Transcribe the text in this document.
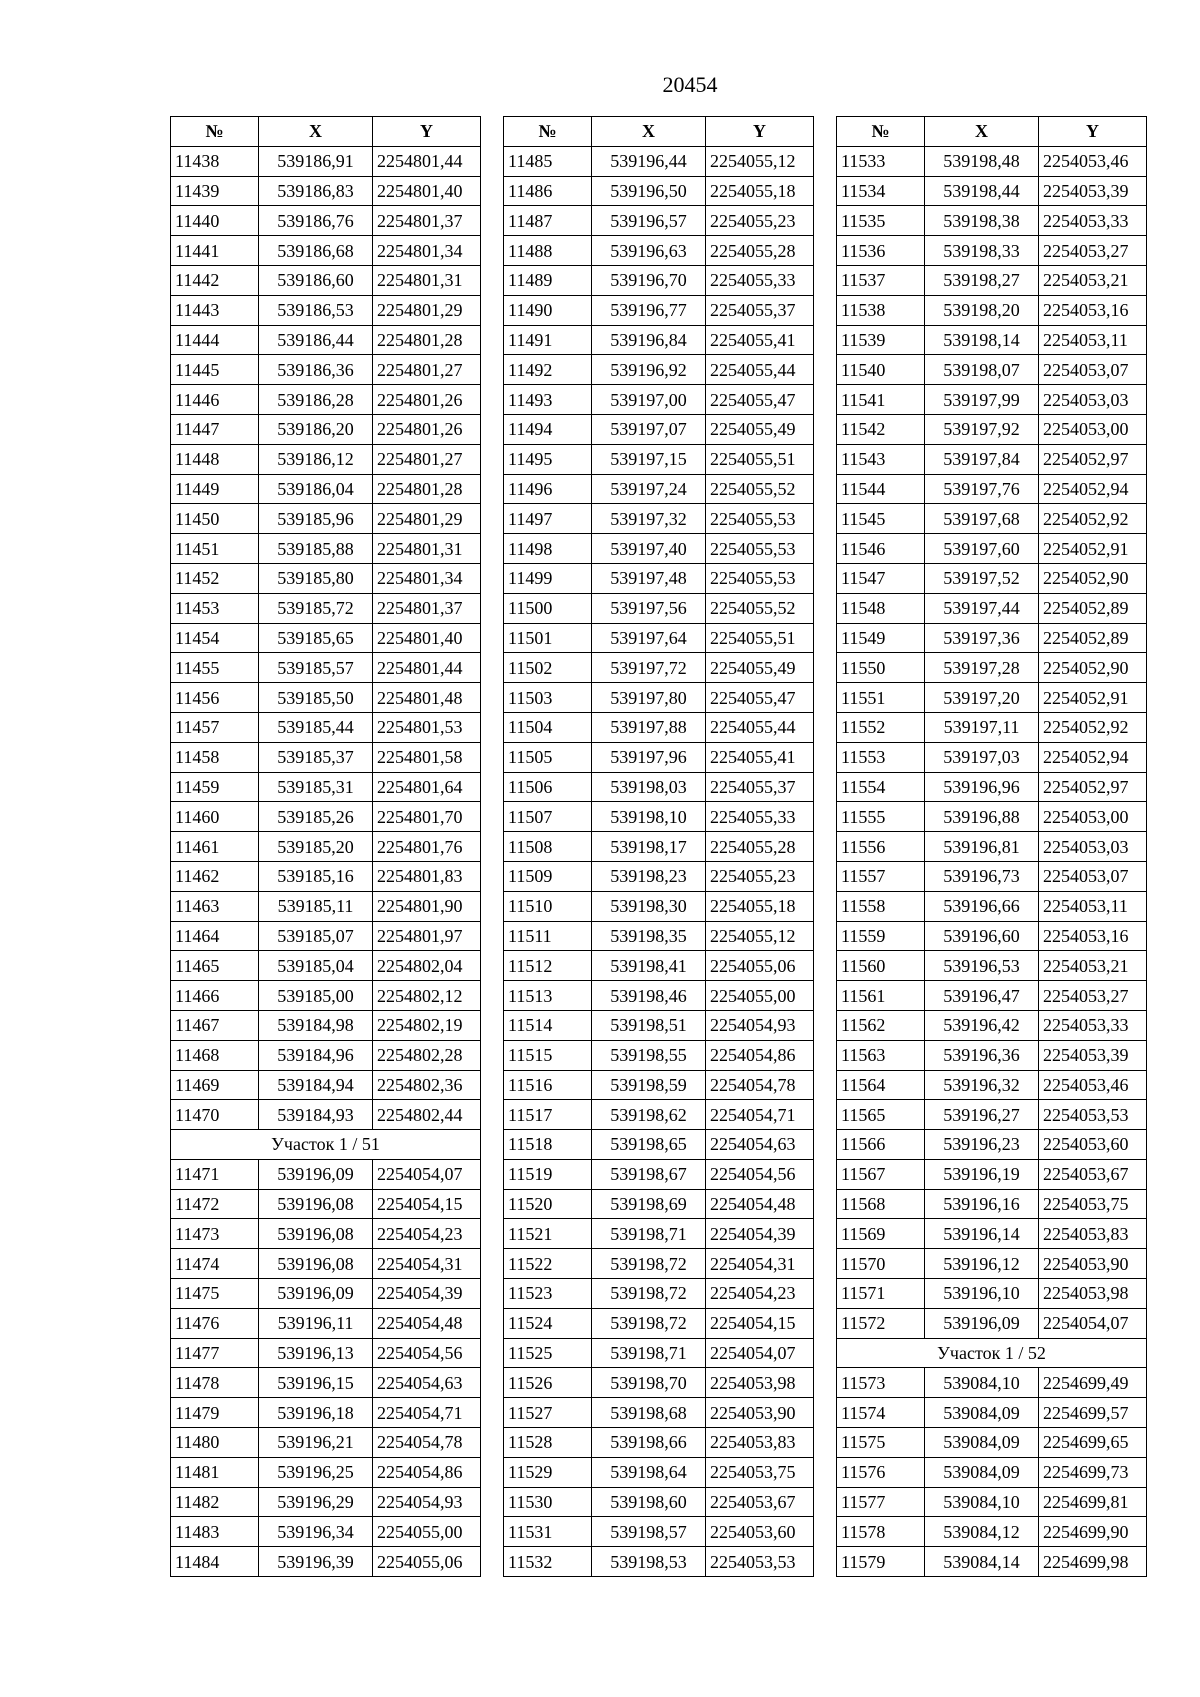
20454
№	X	Y
11438	539186,91	2254801,44
11439	539186,83	2254801,40
11440	539186,76	2254801,37
11441	539186,68	2254801,34
11442	539186,60	2254801,31
11443	539186,53	2254801,29
11444	539186,44	2254801,28
11445	539186,36	2254801,27
11446	539186,28	2254801,26
11447	539186,20	2254801,26
11448	539186,12	2254801,27
11449	539186,04	2254801,28
11450	539185,96	2254801,29
11451	539185,88	2254801,31
11452	539185,80	2254801,34
11453	539185,72	2254801,37
11454	539185,65	2254801,40
11455	539185,57	2254801,44
11456	539185,50	2254801,48
11457	539185,44	2254801,53
11458	539185,37	2254801,58
11459	539185,31	2254801,64
11460	539185,26	2254801,70
11461	539185,20	2254801,76
11462	539185,16	2254801,83
11463	539185,11	2254801,90
11464	539185,07	2254801,97
11465	539185,04	2254802,04
11466	539185,00	2254802,12
11467	539184,98	2254802,19
11468	539184,96	2254802,28
11469	539184,94	2254802,36
11470	539184,93	2254802,44
Участок 1 / 51		
11471	539196,09	2254054,07
11472	539196,08	2254054,15
11473	539196,08	2254054,23
11474	539196,08	2254054,31
11475	539196,09	2254054,39
11476	539196,11	2254054,48
11477	539196,13	2254054,56
11478	539196,15	2254054,63
11479	539196,18	2254054,71
11480	539196,21	2254054,78
11481	539196,25	2254054,86
11482	539196,29	2254054,93
11483	539196,34	2254055,00
11484	539196,39	2254055,06
№	X	Y
11485	539196,44	2254055,12
11486	539196,50	2254055,18
11487	539196,57	2254055,23
11488	539196,63	2254055,28
11489	539196,70	2254055,33
11490	539196,77	2254055,37
11491	539196,84	2254055,41
11492	539196,92	2254055,44
11493	539197,00	2254055,47
11494	539197,07	2254055,49
11495	539197,15	2254055,51
11496	539197,24	2254055,52
11497	539197,32	2254055,53
11498	539197,40	2254055,53
11499	539197,48	2254055,53
11500	539197,56	2254055,52
11501	539197,64	2254055,51
11502	539197,72	2254055,49
11503	539197,80	2254055,47
11504	539197,88	2254055,44
11505	539197,96	2254055,41
11506	539198,03	2254055,37
11507	539198,10	2254055,33
11508	539198,17	2254055,28
11509	539198,23	2254055,23
11510	539198,30	2254055,18
11511	539198,35	2254055,12
11512	539198,41	2254055,06
11513	539198,46	2254055,00
11514	539198,51	2254054,93
11515	539198,55	2254054,86
11516	539198,59	2254054,78
11517	539198,62	2254054,71
11518	539198,65	2254054,63
11519	539198,67	2254054,56
11520	539198,69	2254054,48
11521	539198,71	2254054,39
11522	539198,72	2254054,31
11523	539198,72	2254054,23
11524	539198,72	2254054,15
11525	539198,71	2254054,07
11526	539198,70	2254053,98
11527	539198,68	2254053,90
11528	539198,66	2254053,83
11529	539198,64	2254053,75
11530	539198,60	2254053,67
11531	539198,57	2254053,60
11532	539198,53	2254053,53
№	X	Y
11533	539198,48	2254053,46
11534	539198,44	2254053,39
11535	539198,38	2254053,33
11536	539198,33	2254053,27
11537	539198,27	2254053,21
11538	539198,20	2254053,16
11539	539198,14	2254053,11
11540	539198,07	2254053,07
11541	539197,99	2254053,03
11542	539197,92	2254053,00
11543	539197,84	2254052,97
11544	539197,76	2254052,94
11545	539197,68	2254052,92
11546	539197,60	2254052,91
11547	539197,52	2254052,90
11548	539197,44	2254052,89
11549	539197,36	2254052,89
11550	539197,28	2254052,90
11551	539197,20	2254052,91
11552	539197,11	2254052,92
11553	539197,03	2254052,94
11554	539196,96	2254052,97
11555	539196,88	2254053,00
11556	539196,81	2254053,03
11557	539196,73	2254053,07
11558	539196,66	2254053,11
11559	539196,60	2254053,16
11560	539196,53	2254053,21
11561	539196,47	2254053,27
11562	539196,42	2254053,33
11563	539196,36	2254053,39
11564	539196,32	2254053,46
11565	539196,27	2254053,53
11566	539196,23	2254053,60
11567	539196,19	2254053,67
11568	539196,16	2254053,75
11569	539196,14	2254053,83
11570	539196,12	2254053,90
11571	539196,10	2254053,98
11572	539196,09	2254054,07
Участок 1 / 52		
11573	539084,10	2254699,49
11574	539084,09	2254699,57
11575	539084,09	2254699,65
11576	539084,09	2254699,73
11577	539084,10	2254699,81
11578	539084,12	2254699,90
11579	539084,14	2254699,98
